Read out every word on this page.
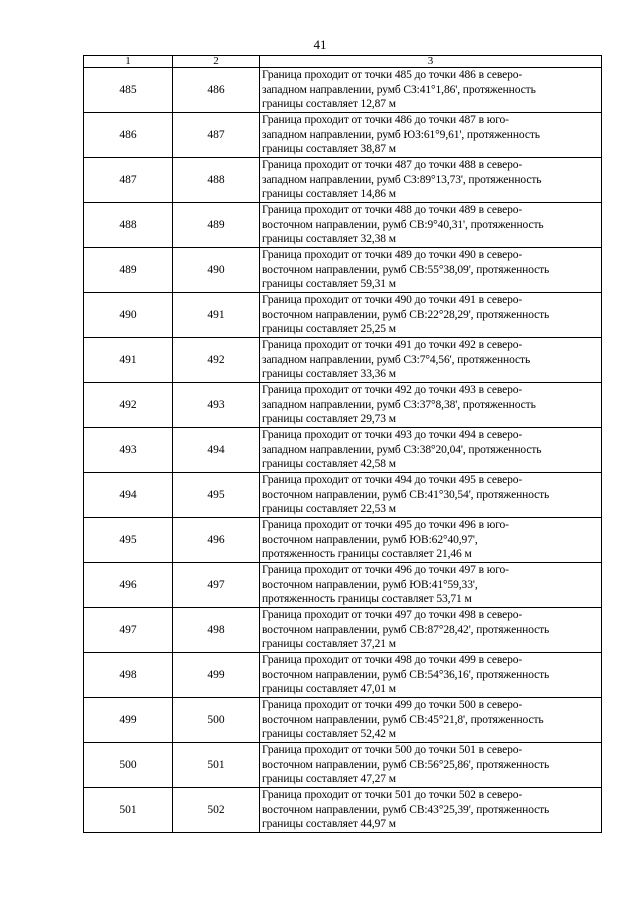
41
1	2	3
485	486	Граница проходит от точки 485 до точки 486 в северо-
западном направлении, румб СЗ:41°1,86', протяженность
границы составляет 12,87 м

486	487	Граница проходит от точки 486 до точки 487 в юго-
западном направлении, румб ЮЗ:61°9,61', протяженность
границы составляет 38,87 м

487	488	Граница проходит от точки 487 до точки 488 в северо-
западном направлении, румб СЗ:89°13,73', протяженность
границы составляет 14,86 м

488	489	Граница проходит от точки 488 до точки 489 в северо-
восточном направлении, румб СВ:9°40,31', протяженность
границы составляет 32,38 м

489	490	Граница проходит от точки 489 до точки 490 в северо-
восточном направлении, румб СВ:55°38,09', протяженность
границы составляет 59,31 м

490	491	Граница проходит от точки 490 до точки 491 в северо-
восточном направлении, румб СВ:22°28,29', протяженность
границы составляет 25,25 м

491	492	Граница проходит от точки 491 до точки 492 в северо-
западном направлении, румб СЗ:7°4,56', протяженность
границы составляет 33,36 м

492	493	Граница проходит от точки 492 до точки 493 в северо-
западном направлении, румб СЗ:37°8,38', протяженность
границы составляет 29,73 м

493	494	Граница проходит от точки 493 до точки 494 в северо-
западном направлении, румб СЗ:38°20,04', протяженность
границы составляет 42,58 м

494	495	Граница проходит от точки 494 до точки 495 в северо-
восточном направлении, румб СВ:41°30,54', протяженность
границы составляет 22,53 м

495	496	Граница проходит от точки 495 до точки 496 в юго-
восточном направлении, румб ЮВ:62°40,97',
протяженность границы составляет 21,46 м

496	497	Граница проходит от точки 496 до точки 497 в юго-
восточном направлении, румб ЮВ:41°59,33',
протяженность границы составляет 53,71 м

497	498	Граница проходит от точки 497 до точки 498 в северо-
восточном направлении, румб СВ:87°28,42', протяженность
границы составляет 37,21 м

498	499	Граница проходит от точки 498 до точки 499 в северо-
восточном направлении, румб СВ:54°36,16', протяженность
границы составляет 47,01 м

499	500	Граница проходит от точки 499 до точки 500 в северо-
восточном направлении, румб СВ:45°21,8', протяженность
границы составляет 52,42 м

500	501	Граница проходит от точки 500 до точки 501 в северо-
восточном направлении, румб СВ:56°25,86', протяженность
границы составляет 47,27 м

501	502	Граница проходит от точки 501 до точки 502 в северо-
восточном направлении, румб СВ:43°25,39', протяженность
границы составляет 44,97 м
